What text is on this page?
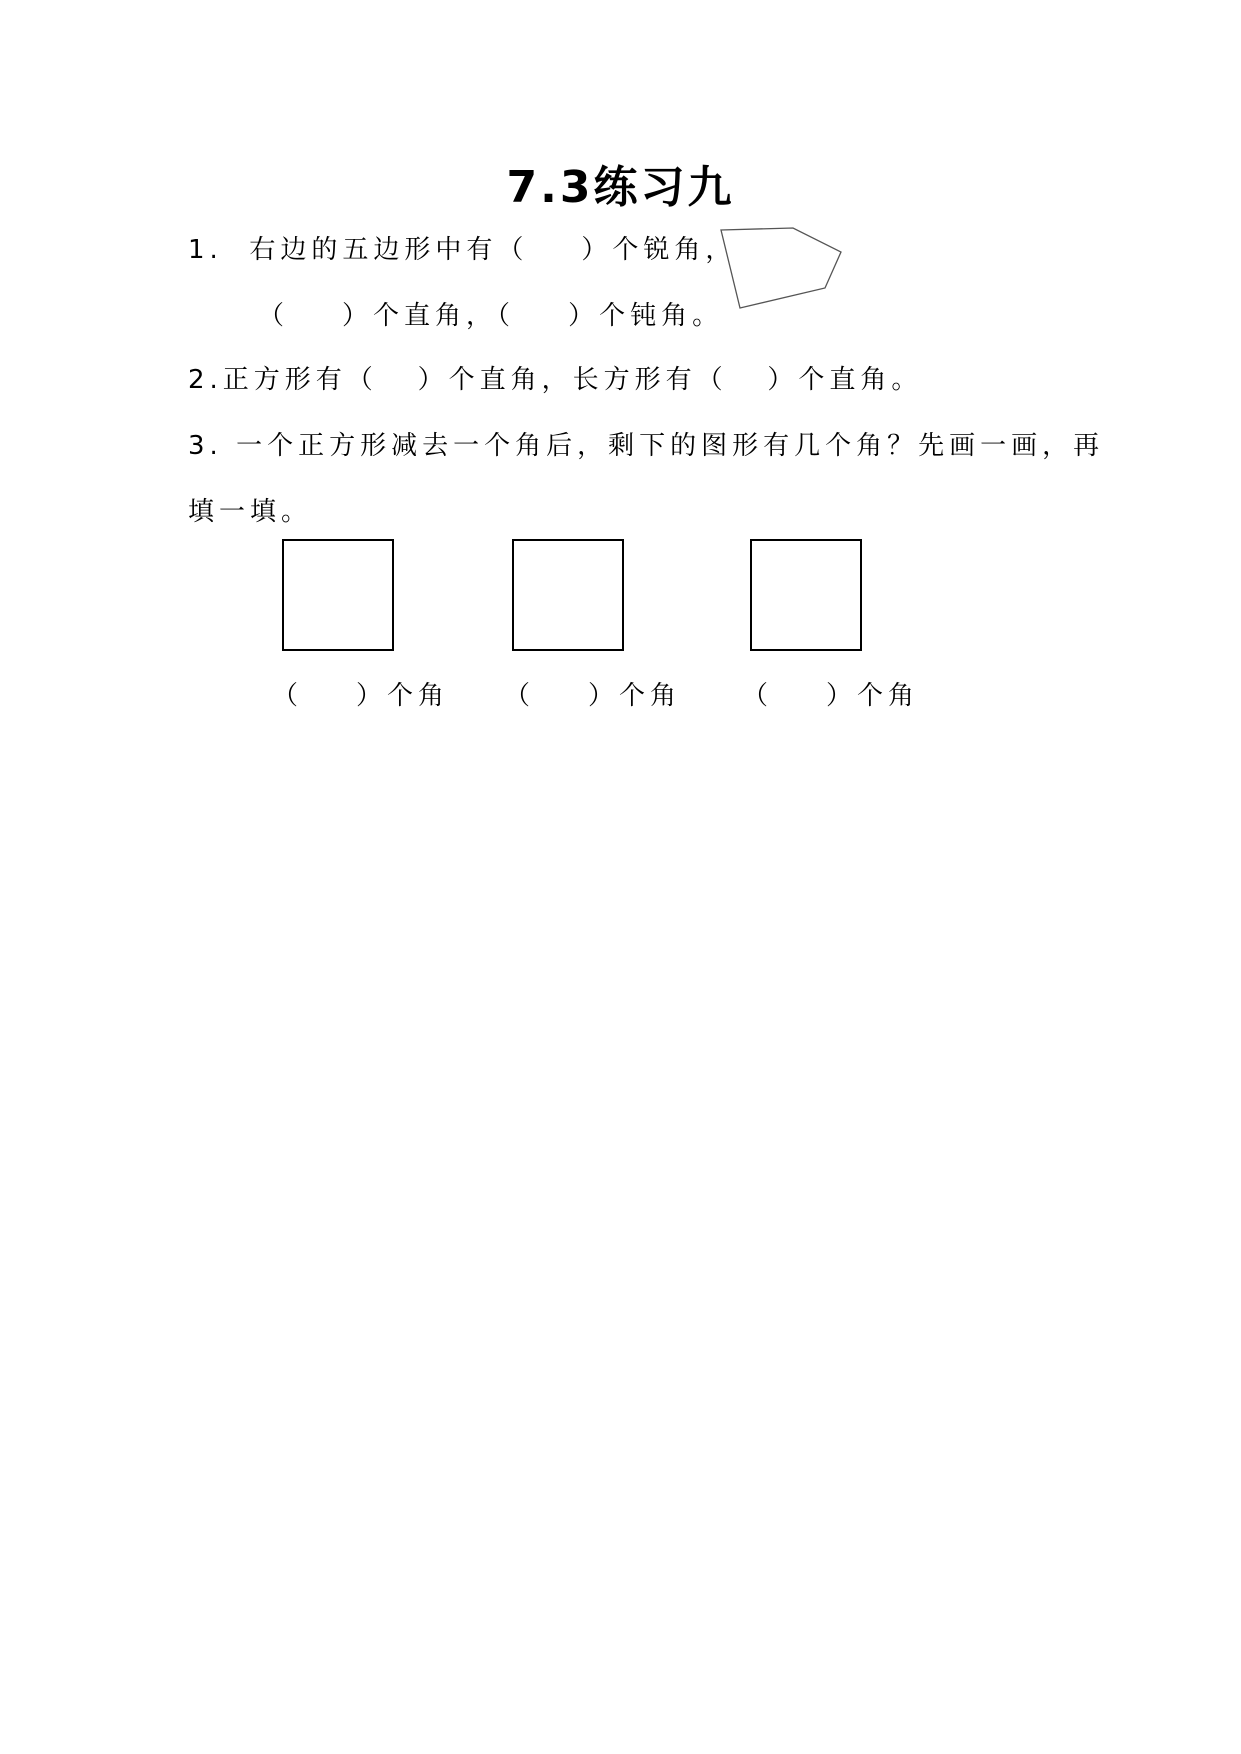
7.3练习九
1.  右边的五边形中有（    ）个锐角，
（    ）个直角，（    ）个钝角。
2.正方形有（   ）个直角，长方形有（   ）个直角。
3. 一个正方形减去一个角后，剩下的图形有几个角？先画一画，再
填一填。
（    ）个角 （    ）个角 （    ）个角
